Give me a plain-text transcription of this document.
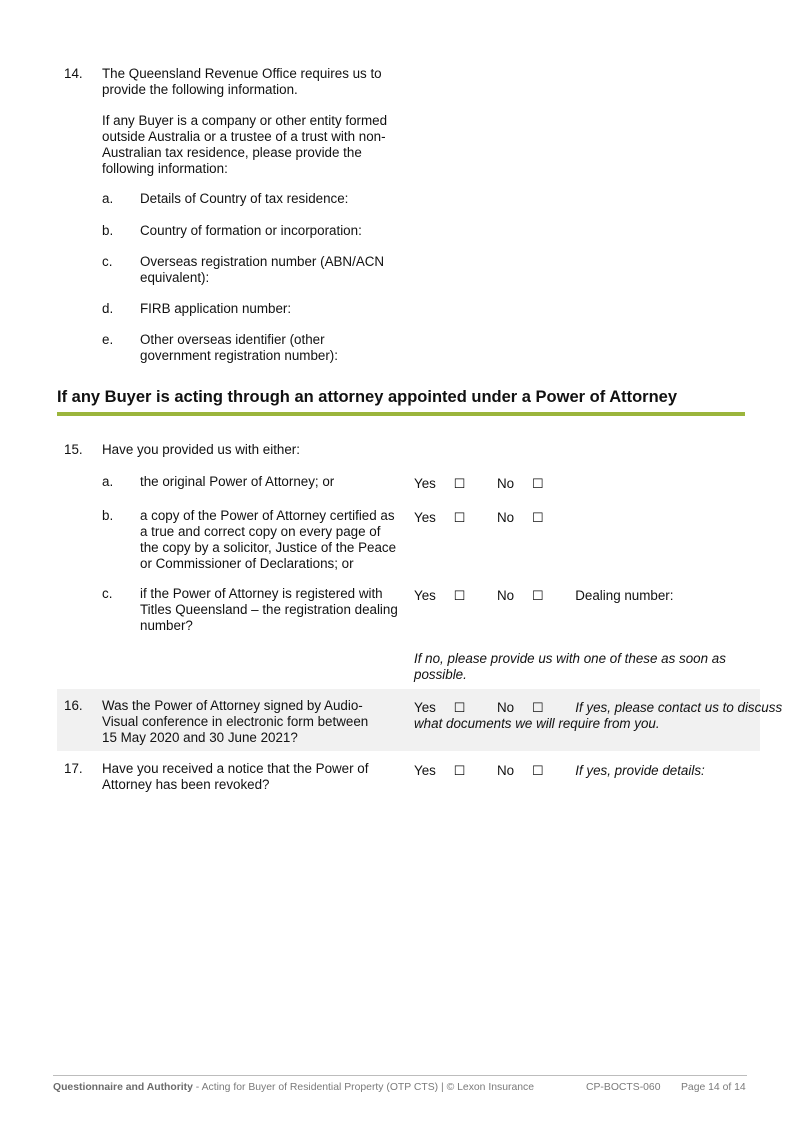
14.	The Queensland Revenue Office requires us to
provide the following information.
If any Buyer is a company or other entity formed
outside Australia or a trustee of a trust with non-
Australian tax residence, please provide the
following information:
a.	Details of Country of tax residence:
b.	Country of formation or incorporation:
c.	Overseas registration number (ABN/ACN
equivalent):
d.	FIRB application number:
e.	Other overseas identifier (other
government registration number):
If any Buyer is acting through an attorney appointed under a Power of Attorney
15.	Have you provided us with either:
a.	the original Power of Attorney; or	Yes ☐ No ☐
b.	a copy of the Power of Attorney certified as
a true and correct copy on every page of
the copy by a solicitor, Justice of the Peace
or Commissioner of Declarations; or
Yes ☐ No ☐
c.	if the Power of Attorney is registered with
Titles Queensland – the registration dealing
number?
Yes ☐ No ☐ Dealing number:
If no, please provide us with one of these as soon as
possible.
16.	Was the Power of Attorney signed by Audio-
Visual conference in electronic form between
15 May 2020 and 30 June 2021?
Yes ☐ No ☐ If yes, please contact us to discuss
what documents we will require from you.
17.	Have you received a notice that the Power of
Attorney has been revoked?
Yes ☐ No ☐ If yes, provide details:
Questionnaire and Authority - Acting for Buyer of Residential Property (OTP CTS) | © Lexon Insurance	CP-BOCTS-060 Page 14 of 14
